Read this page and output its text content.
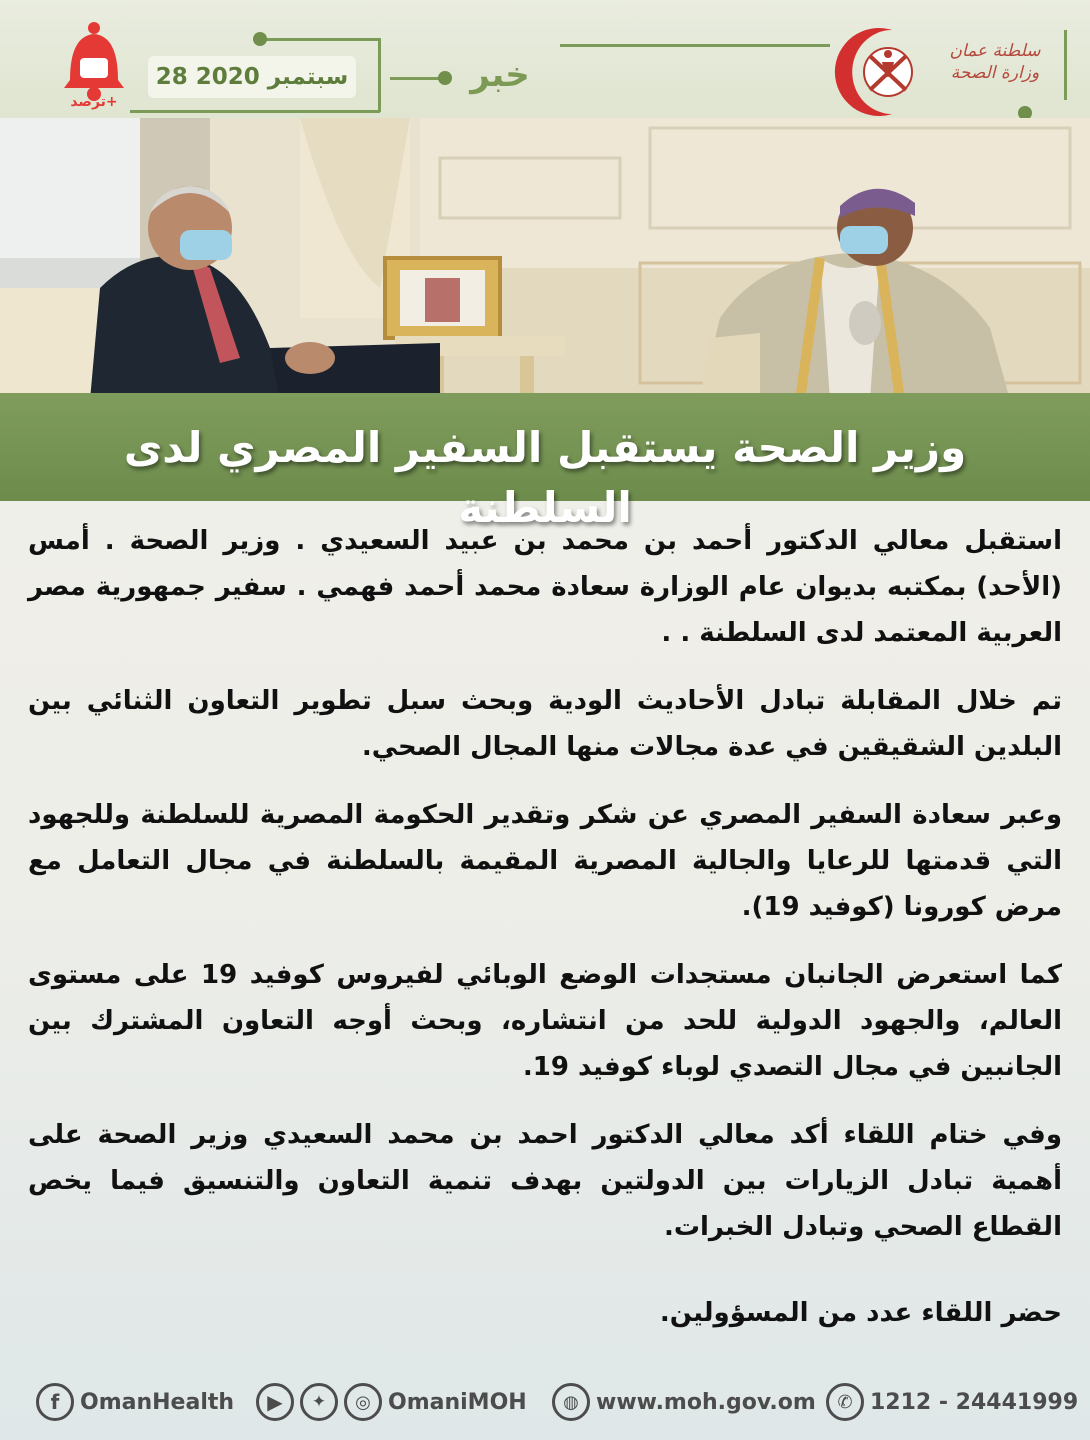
28 سبتمبر 2020	خبر
ترصد+
سلطنة عمان
وزارة الصحة
وزير الصحة يستقبل السفير المصري لدى السلطنة

استقبل معالي الدكتور أحمد بن محمد بن عبيد السعيدي . وزير الصحة . أمس (الأحد) بمكتبه بديوان عام الوزارة سعادة محمد أحمد فهمي . سفير جمهورية مصر العربية المعتمد لدى السلطنة . .

تم خلال المقابلة تبادل الأحاديث الودية وبحث سبل تطوير التعاون الثنائي بين البلدين الشقيقين في عدة مجالات منها المجال الصحي.

وعبر سعادة السفير المصري عن شكر وتقدير الحكومة المصرية للسلطنة وللجهود التي قدمتها للرعايا والجالية المصرية المقيمة بالسلطنة في مجال التعامل مع مرض كورونا (كوفيد 19).

كما استعرض الجانبان مستجدات الوضع الوبائي لفيروس كوفيد 19 على مستوى العالم، والجهود الدولية للحد من انتشاره، وبحث أوجه التعاون المشترك بين الجانبين في مجال التصدي لوباء كوفيد 19.

وفي ختام اللقاء أكد معالي الدكتور احمد بن محمد السعيدي وزير الصحة على أهمية تبادل الزيارات بين الدولتين بهدف تنمية التعاون والتنسيق فيما يخص القطاع الصحي وتبادل الخبرات.

حضر اللقاء عدد من المسؤولين.

f OmanHealth	▶	✦	◎ OmaniMOH	◍ www.moh.gov.om	✆ 1212 - 24441999
